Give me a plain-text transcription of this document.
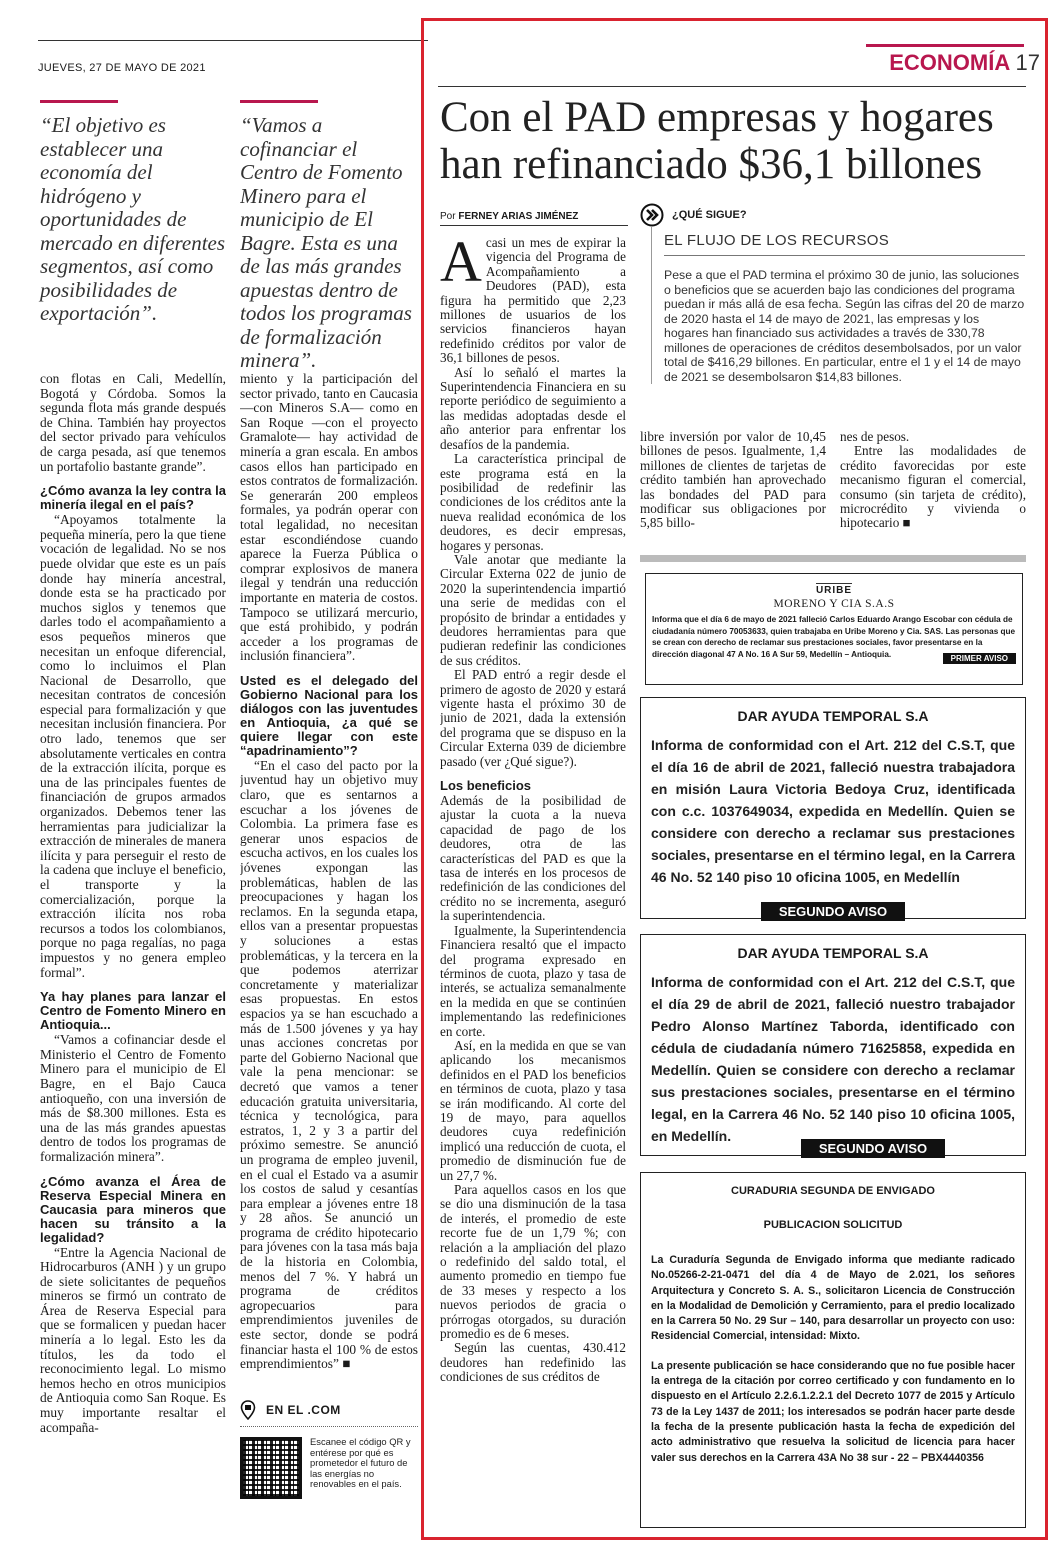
JUEVES, 27 DE MAYO DE 2021
“El objetivo es establecer una economía del hidrógeno y oportunidades de mercado en diferentes segmentos, así como posibilidades de exportación”.
“Vamos a cofinanciar el Centro de Fomento Minero para el municipio de El Bagre. Esta es una de las más grandes apuestas dentro de todos los programas de formalización minera”.

con flotas en Cali, Medellín, Bogotá y Córdoba. Somos la segunda flota más grande después de China. También hay proyectos del sector privado para vehículos de carga pesada, así que tenemos un portafolio bastante grande”.

¿Cómo avanza la ley contra la minería ilegal en el país?

“Apoyamos totalmente la pequeña minería, pero la que tiene vocación de legalidad. No se nos puede olvidar que este es un país donde hay minería ancestral, donde esta se ha practicado por muchos siglos y tenemos que darles todo el acompañamiento a esos pequeños mineros que necesitan un enfoque diferencial, como lo incluimos el Plan Nacional de Desarrollo, que necesitan contratos de concesión especial para formalización y que necesitan inclusión financiera. Por otro lado, tenemos que ser absolutamente verticales en contra de la extracción ilícita, porque es una de las principales fuentes de financiación de grupos armados organizados. Debemos tener las herramientas para judicializar la extracción de minerales de manera ilícita y para perseguir el resto de la cadena que incluye el beneficio, el transporte y la comercialización, porque la extracción ilícita nos roba recursos a todos los colombianos, porque no paga regalías, no paga impuestos y no genera empleo formal”.

Ya hay planes para lanzar el Centro de Fomento Minero en Antioquia...

“Vamos a cofinanciar desde el Ministerio el Centro de Fomento Minero para el municipio de El Bagre, en el Bajo Cauca antioqueño, con una inversión de más de $8.300 millones. Esta es una de las más grandes apuestas dentro de todos los programas de formalización minera”.

¿Cómo avanza el Área de Reserva Especial Minera en Caucasia para mineros que hacen su tránsito a la legalidad?

“Entre la Agencia Nacional de Hidrocarburos (ANH ) y un grupo de siete solicitantes de pequeños mineros se firmó un contrato de Área de Reserva Especial para que se formalicen y puedan hacer minería a lo legal. Esto les da títulos, les da todo el reconocimiento legal. Lo mismo hemos hecho en otros municipios de Antioquia como San Roque. Es muy importante resaltar el acompaña-

miento y la participación del sector privado, tanto en Caucasia —con Mineros S.A— como en San Roque —con el proyecto Gramalote— hay actividad de minería a gran escala. En ambos casos ellos han participado en estos contratos de formalización. Se generarán 200 empleos formales, ya podrán operar con total legalidad, no necesitan estar escondiéndose cuando aparece la Fuerza Pública o comprar explosivos de manera ilegal y tendrán una reducción importante en materia de costos. Tampoco se utilizará mercurio, que está prohibido, y podrán acceder a los programas de inclusión financiera”.

Usted es el delegado del Gobierno Nacional para los diálogos con las juventudes en Antioquia, ¿a qué se quiere llegar con este “apadrinamiento”?

“En el caso del pacto por la juventud hay un objetivo muy claro, que es sentarnos a escuchar a los jóvenes de Colombia. La primera fase es generar unos espacios de escucha activos, en los cuales los jóvenes expongan las problemáticas, hablen de las preocupaciones y hagan los reclamos. En la segunda etapa, ellos van a presentar propuestas y soluciones a estas problemáticas, y la tercera en la que podemos aterrizar concretamente y materializar esas propuestas. En estos espacios ya se han escuchado a más de 1.500 jóvenes y ya hay unas acciones concretas por parte del Gobierno Nacional que vale la pena mencionar: se decretó que vamos a tener educación gratuita universitaria, técnica y tecnológica, para estratos, 1, 2 y 3 a partir del próximo semestre. Se anunció un programa de empleo juvenil, en el cual el Estado va a asumir los costos de salud y cesantías para emplear a jóvenes entre 18 y 28 años. Se anunció un programa de crédito hipotecario para jóvenes con la tasa más baja de la historia en Colombia, menos del 7 %. Y habrá un programa de créditos agropecuarios para emprendimientos juveniles de este sector, donde se podrá financiar hasta el 100 % de estos emprendimientos” ■

EN EL .COM
Escanee el código QR y entérese por qué es prometedor el futuro de las energías no renovables en el país.
ECONOMÍA 17
Con el PAD empresas y hogares han refinanciado $36,1 billones
Por FERNEY ARIAS JIMÉNEZ
A casi un mes de expirar la vigencia del Programa de Acompañamiento a Deudores (PAD), esta figura ha permitido que 2,23 millones de usuarios de los servicios financieros hayan redefinido créditos por valor de 36,1 billones de pesos.

Así lo señaló el martes la Superintendencia Financiera en su reporte periódico de seguimiento a las medidas adoptadas desde el año anterior para enfrentar los desafíos de la pandemia.

La característica principal de este programa está en la posibilidad de redefinir las condiciones de los créditos ante la nueva realidad económica de los deudores, es decir empresas, hogares y personas.

Vale anotar que mediante la Circular Externa 022 de junio de 2020 la superintendencia impartió una serie de medidas con el propósito de brindar a entidades y deudores herramientas para que pudieran redefinir las condiciones de sus créditos.

El PAD entró a regir desde el primero de agosto de 2020 y estará vigente hasta el próximo 30 de junio de 2021, dada la extensión del programa que se dispuso en la Circular Externa 039 de diciembre pasado (ver ¿Qué sigue?).

Los beneficios

Además de la posibilidad de ajustar la cuota a la nueva capacidad de pago de los deudores, otra de las características del PAD es que la tasa de interés en los procesos de redefinición de las condiciones del crédito no se incrementa, aseguró la superintendencia.

Igualmente, la Superintendencia Financiera resaltó que el impacto del programa expresado en términos de cuota, plazo y tasa de interés, se actualiza semanalmente en la medida en que se continúen implementando las redefiniciones en corte.

Así, en la medida en que se van aplicando los mecanismos definidos en el PAD los beneficios en términos de cuota, plazo y tasa se irán modificando. Al corte del 19 de mayo, para aquellos deudores cuya redefinición implicó una reducción de cuota, el promedio de disminución fue de un 27,7 %.

Para aquellos casos en los que se dio una disminución de la tasa de interés, el promedio de este recorte fue de un 1,79 %; con relación a la ampliación del plazo o redefinido del saldo total, el aumento promedio en tiempo fue de 33 meses y respecto a los nuevos periodos de gracia o prórrogas otorgados, su duración promedio es de 6 meses.

Según las cuentas, 430.412 deudores han redefinido las condiciones de sus créditos de

¿QUÉ SIGUE?
EL FLUJO DE LOS RECURSOS
Pese a que el PAD termina el próximo 30 de junio, las soluciones o beneficios que se acuerden bajo las condiciones del programa puedan ir más allá de esa fecha. Según las cifras del 20 de marzo de 2020 hasta el 14 de mayo de 2021, las empresas y los hogares han financiado sus actividades a través de 330,78 millones de operaciones de créditos desembolsados, por un valor total de $416,29 billones. En particular, entre el 1 y el 14 de mayo de 2021 se desembolsaron $14,83 billones.

libre inversión por valor de 10,45 billones de pesos. Igualmente, 1,4 millones de clientes de tarjetas de crédito también han aprovechado las bondades del PAD para modificar sus obligaciones por 5,85 billo-

nes de pesos.

Entre las modalidades de crédito favorecidas por este mecanismo figuran el comercial, consumo (sin tarjeta de crédito), microcrédito y vivienda o hipotecario ■

URIBE
MORENO Y CIA S.A.S
Informa que el día 6 de mayo de 2021 falleció Carlos Eduardo Arango Escobar con cédula de ciudadanía número 70053633, quien trabajaba en Uribe Moreno y Cia. SAS. Las personas que se crean con derecho de reclamar sus prestaciones sociales, favor presentarse en la dirección diagonal 47 A No. 16 A Sur 59, Medellín – Antioquia.	PRIMER AVISO
DAR AYUDA TEMPORAL S.A
Informa de conformidad con el Art. 212 del C.S.T, que el día 16 de abril de 2021, falleció nuestra trabajadora en misión Laura Victoria Bedoya Cruz, identificada con c.c. 1037649034, expedida en Medellín. Quien se considere con derecho a reclamar sus prestaciones sociales, presentarse en el término legal, en la Carrera 46 No. 52 140 piso 10 oficina 1005, en Medellín
SEGUNDO AVISO
DAR AYUDA TEMPORAL S.A
Informa de conformidad con el Art. 212 del C.S.T, que el día 29 de abril de 2021, falleció nuestro trabajador Pedro Alonso Martínez Taborda, identificado con cédula de ciudadanía número 71625858, expedida en Medellín. Quien se considere con derecho a reclamar sus prestaciones sociales, presentarse en el término legal, en la Carrera 46 No. 52 140 piso 10 oficina 1005, en Medellín.
SEGUNDO AVISO
CURADURIA SEGUNDA DE ENVIGADO
PUBLICACION SOLICITUD
La Curaduría Segunda de Envigado informa que mediante radicado No.05266-2-21-0471 del día 4 de Mayo de 2.021, los señores Arquitectura y Concreto S. A. S., solicitaron Licencia de Construcción en la Modalidad de Demolición y Cerramiento, para el predio localizado en la Carrera 50 No. 29 Sur – 140, para desarrollar un proyecto con uso: Residencial Comercial, intensidad: Mixto.
La presente publicación se hace considerando que no fue posible hacer la entrega de la citación por correo certificado y con fundamento en lo dispuesto en el Artículo 2.2.6.1.2.2.1 del Decreto 1077 de 2015 y Artículo 73 de la Ley 1437 de 2011; los interesados se podrán hacer parte desde la fecha de la presente publicación hasta la fecha de expedición del acto administrativo que resuelva la solicitud de licencia para hacer valer sus derechos en la Carrera 43A No 38 sur - 22 – PBX4440356
